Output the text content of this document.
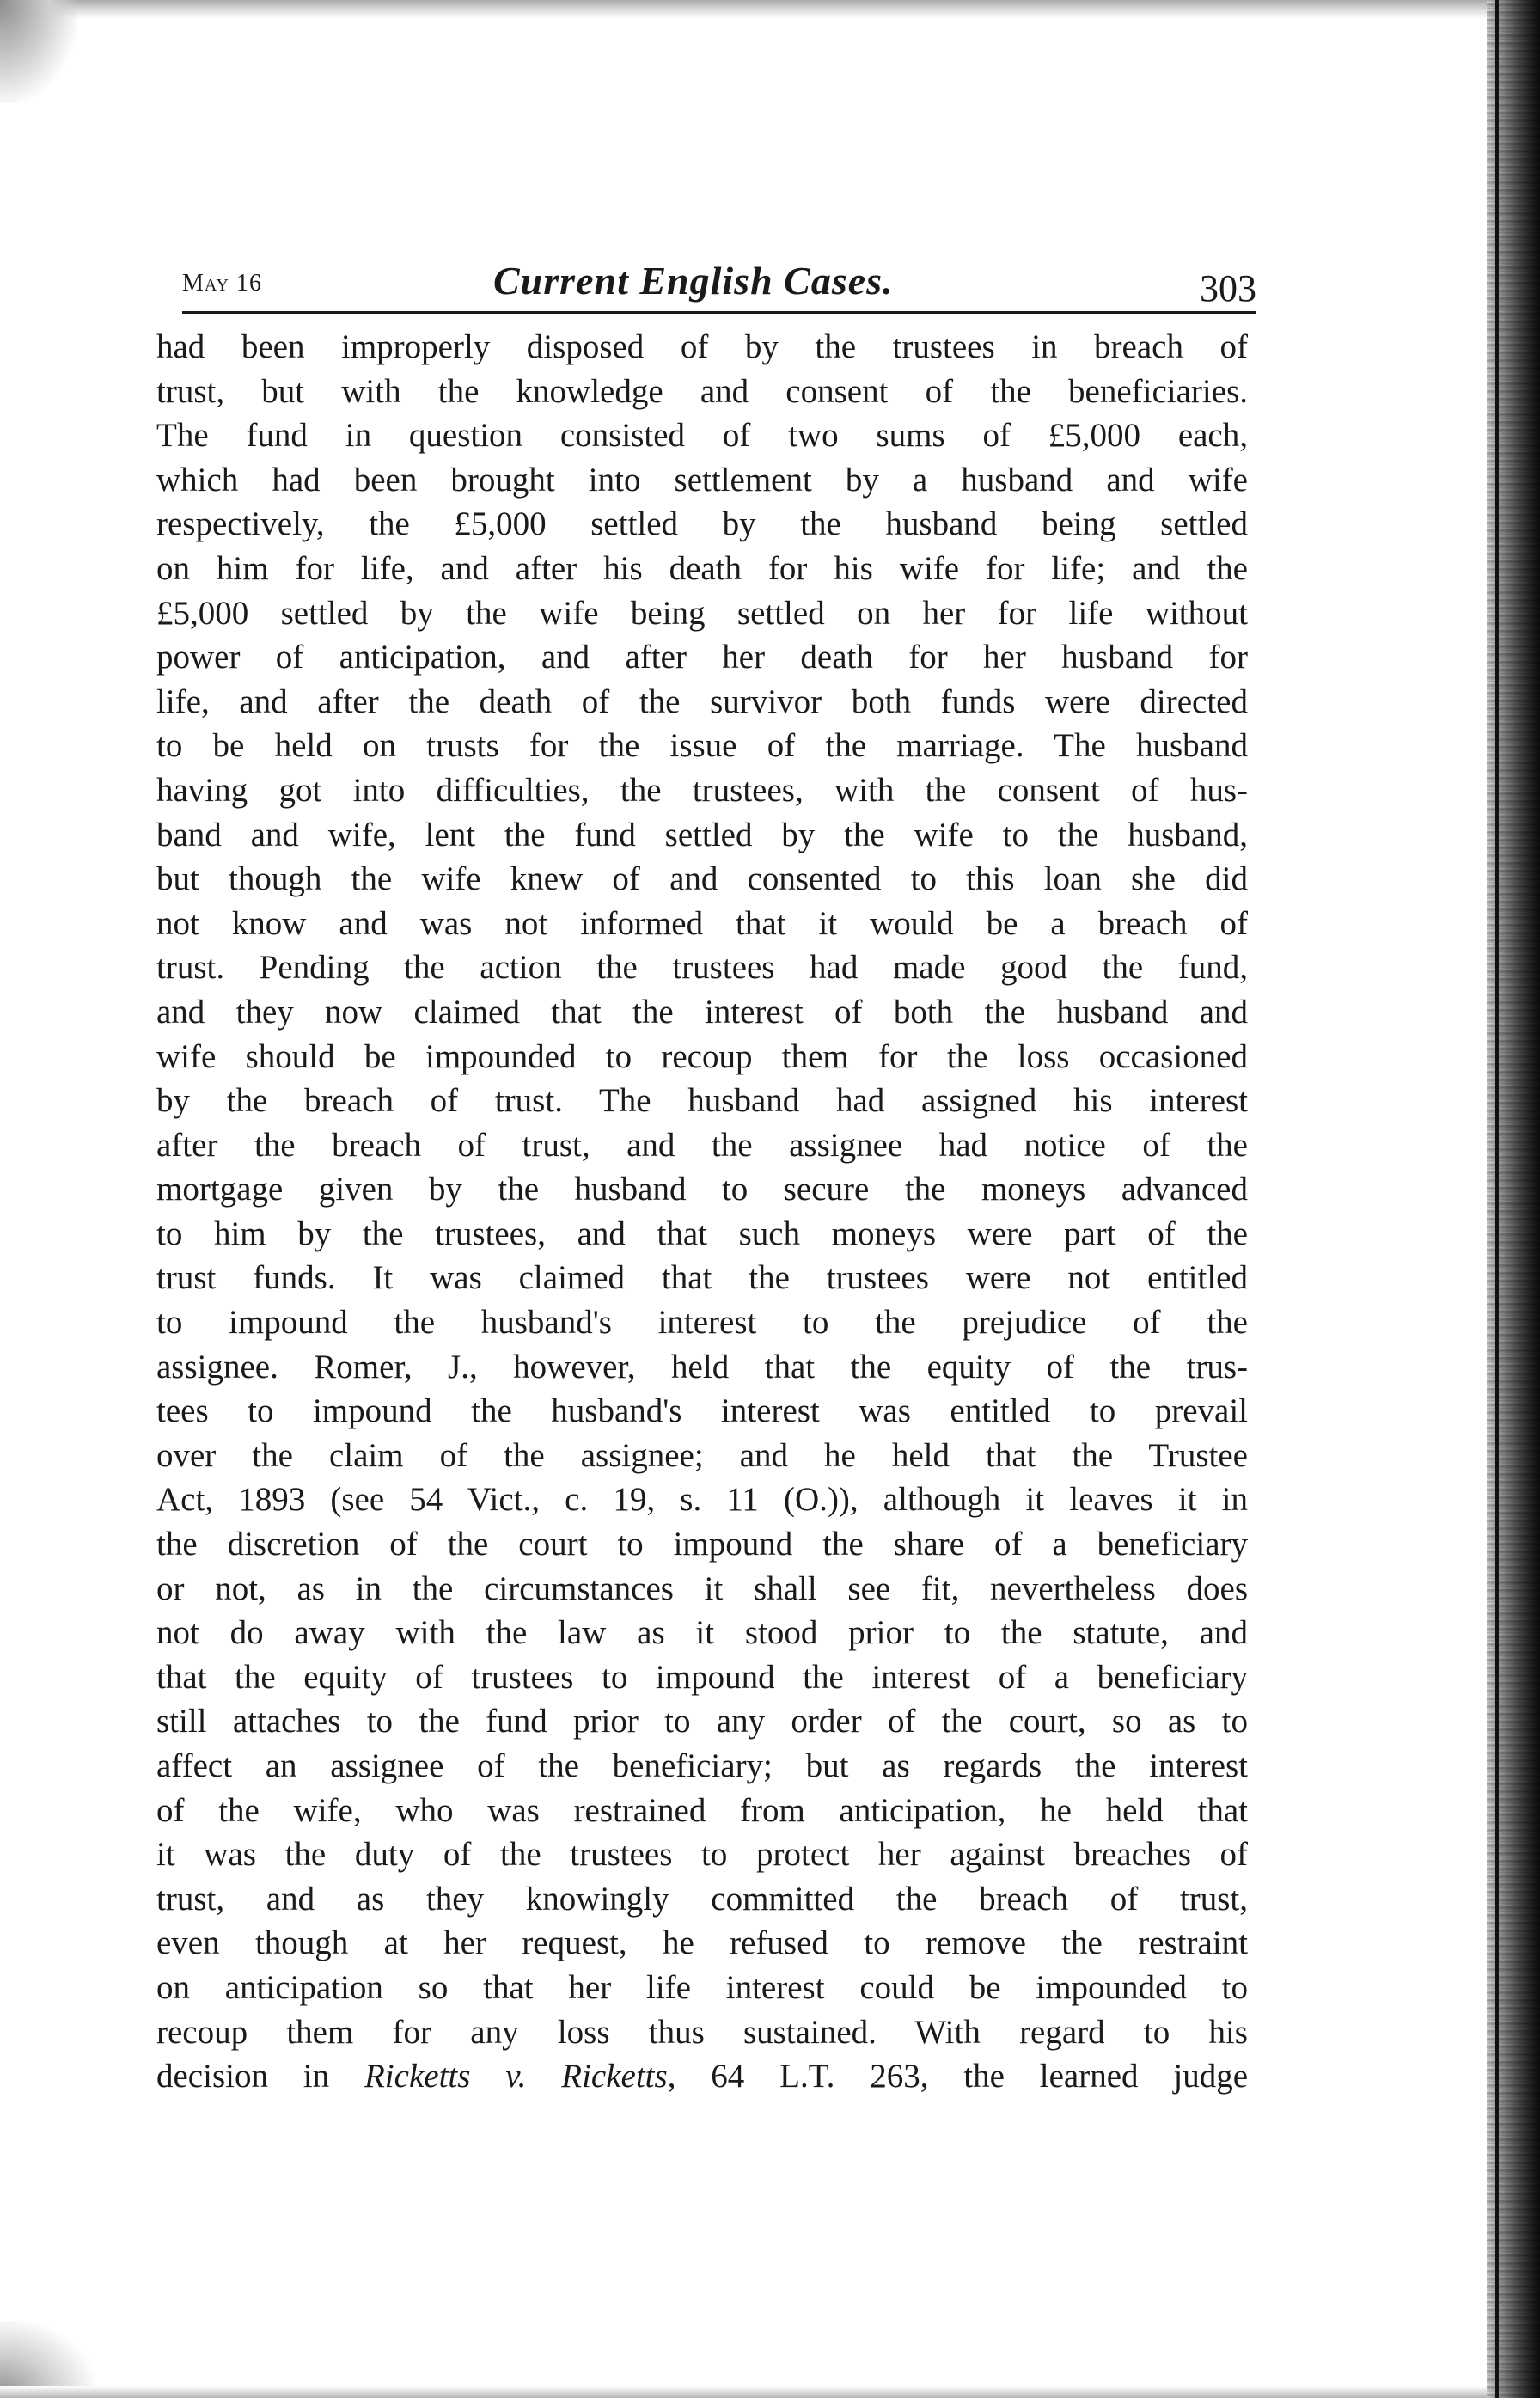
May 16	Current English Cases.	303
had been improperly disposed of by the trustees in breach of
trust, but with the knowledge and consent of the beneficiaries.
The fund in question consisted of two sums of £5,000 each,
which had been brought into settlement by a husband and wife
respectively, the £5,000 settled by the husband being settled
on him for life, and after his death for his wife for life; and the
£5,000 settled by the wife being settled on her for life without
power of anticipation, and after her death for her husband for
life, and after the death of the survivor both funds were directed
to be held on trusts for the issue of the marriage. The husband
having got into difficulties, the trustees, with the consent of hus-
band and wife, lent the fund settled by the wife to the husband,
but though the wife knew of and consented to this loan she did
not know and was not informed that it would be a breach of
trust. Pending the action the trustees had made good the fund,
and they now claimed that the interest of both the husband and
wife should be impounded to recoup them for the loss occasioned
by the breach of trust. The husband had assigned his interest
after the breach of trust, and the assignee had notice of the
mortgage given by the husband to secure the moneys advanced
to him by the trustees, and that such moneys were part of the
trust funds. It was claimed that the trustees were not entitled
to impound the husband's interest to the prejudice of the
assignee. Romer, J., however, held that the equity of the trus-
tees to impound the husband's interest was entitled to prevail
over the claim of the assignee; and he held that the Trustee
Act, 1893 (see 54 Vict., c. 19, s. 11 (O.)), although it leaves it in
the discretion of the court to impound the share of a beneficiary
or not, as in the circumstances it shall see fit, nevertheless does
not do away with the law as it stood prior to the statute, and
that the equity of trustees to impound the interest of a beneficiary
still attaches to the fund prior to any order of the court, so as to
affect an assignee of the beneficiary; but as regards the interest
of the wife, who was restrained from anticipation, he held that
it was the duty of the trustees to protect her against breaches of
trust, and as they knowingly committed the breach of trust,
even though at her request, he refused to remove the restraint
on anticipation so that her life interest could be impounded to
recoup them for any loss thus sustained. With regard to his
decision in Ricketts v. Ricketts, 64 L.T. 263, the learned judge
